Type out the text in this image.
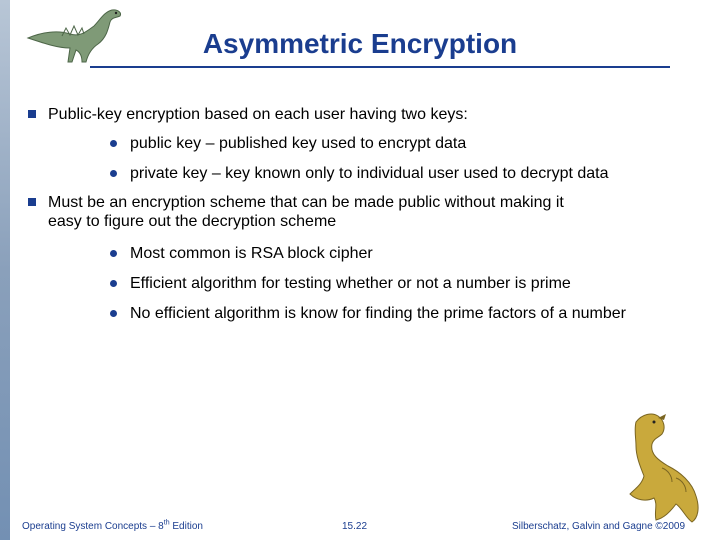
Asymmetric Encryption
Public-key encryption based on each user having two keys:
public key – published key used to encrypt data
private key – key known only to individual user used to decrypt data
Must be an encryption scheme that can be made public without making it
easy to figure out the decryption scheme
Most common is RSA block cipher
Efficient algorithm for testing whether or not a number is prime
No efficient algorithm is know for finding the prime factors of a number
Operating System Concepts – 8th Edition	15.22	Silberschatz, Galvin and Gagne ©2009
